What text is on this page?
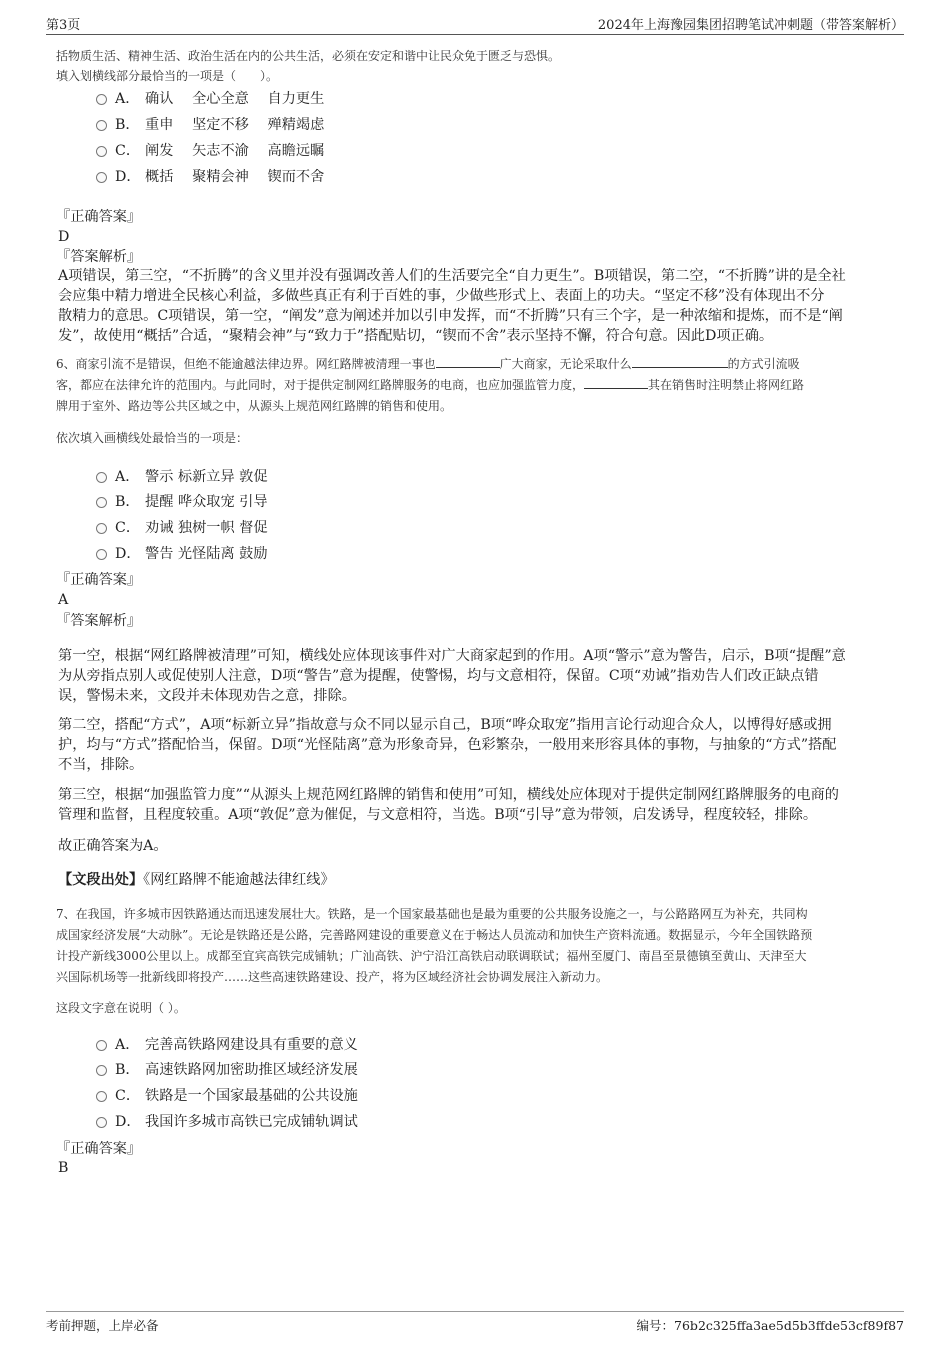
第3页	2024年上海豫园集团招聘笔试冲刺题（带答案解析）
括物质生活、精神生活、政治生活在内的公共生活，必须在安定和谐中让民众免于匮乏与恐惧。
填入划横线部分最恰当的一项是（　　）。
A． 确认　 全心全意　 自力更生
B． 重申　 坚定不移　 殚精竭虑
C． 阐发　 矢志不渝　 高瞻远瞩
D． 概括　 聚精会神　 锲而不舍
『正确答案』
D
『答案解析』
A项错误，第三空，“不折腾”的含义里并没有强调改善人们的生活要完全“自力更生”。B项错误，第二空，“不折腾”讲的是全社
会应集中精力增进全民核心利益，多做些真正有利于百姓的事，少做些形式上、表面上的功夫。“坚定不移”没有体现出不分
散精力的意思。C项错误，第一空，“阐发”意为阐述并加以引申发挥，而“不折腾”只有三个字，是一种浓缩和提炼，而不是“阐
发”，故使用“概括”合适，“聚精会神”与“致力于”搭配贴切，“锲而不舍”表示坚持不懈，符合句意。因此D项正确。
6、商家引流不是错误，但绝不能逾越法律边界。网红路牌被清理一事也	广大商家，无论采取什么	的方式引流吸
客，都应在法律允许的范围内。与此同时，对于提供定制网红路牌服务的电商，也应加强监管力度，	其在销售时注明禁止将网红路
牌用于室外、路边等公共区域之中，从源头上规范网红路牌的销售和使用。
依次填入画横线处最恰当的一项是：
A． 警示 标新立异 敦促
B． 提醒 哗众取宠 引导
C． 劝诫 独树一帜 督促
D． 警告 光怪陆离 鼓励
『正确答案』
A
『答案解析』
第一空，根据“网红路牌被清理”可知，横线处应体现该事件对广大商家起到的作用。A项“警示”意为警告，启示，B项“提醒”意
为从旁指点别人或促使别人注意，D项“警告”意为提醒，使警惕，均与文意相符，保留。C项“劝诫”指劝告人们改正缺点错
误，警惕未来，文段并未体现劝告之意，排除。
第二空，搭配“方式”，A项“标新立异”指故意与众不同以显示自己，B项“哗众取宠”指用言论行动迎合众人，以博得好感或拥
护，均与“方式”搭配恰当，保留。D项“光怪陆离”意为形象奇异，色彩繁杂，一般用来形容具体的事物，与抽象的“方式”搭配
不当，排除。
第三空，根据“加强监管力度”“从源头上规范网红路牌的销售和使用”可知，横线处应体现对于提供定制网红路牌服务的电商的
管理和监督，且程度较重。A项“敦促”意为催促，与文意相符，当选。B项“引导”意为带领，启发诱导，程度较轻，排除。
故正确答案为A。
【文段出处】《网红路牌不能逾越法律红线》
7、在我国，许多城市因铁路通达而迅速发展壮大。铁路，是一个国家最基础也是最为重要的公共服务设施之一，与公路路网互为补充，共同构
成国家经济发展“大动脉”。无论是铁路还是公路，完善路网建设的重要意义在于畅达人员流动和加快生产资料流通。数据显示，今年全国铁路预
计投产新线3000公里以上。成都至宜宾高铁完成铺轨；广汕高铁、沪宁沿江高铁启动联调联试；福州至厦门、南昌至景德镇至黄山、天津至大
兴国际机场等一批新线即将投产……这些高速铁路建设、投产，将为区域经济社会协调发展注入新动力。
这段文字意在说明（ ）。
A． 完善高铁路网建设具有重要的意义
B． 高速铁路网加密助推区域经济发展
C． 铁路是一个国家最基础的公共设施
D． 我国许多城市高铁已完成铺轨调试
『正确答案』
B
考前押题，上岸必备	编号：76b2c325ffa3ae5d5b3ffde53cf89f87
